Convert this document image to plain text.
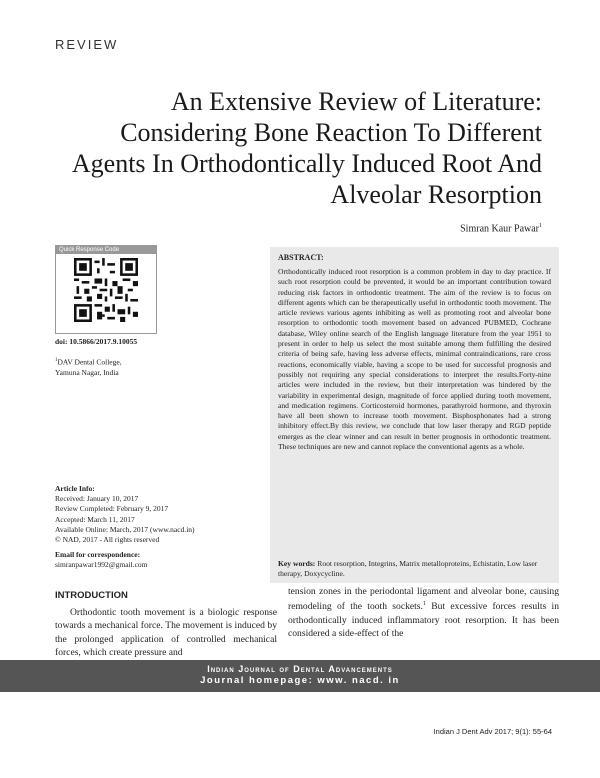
REVIEW
An Extensive Review of Literature: Considering Bone Reaction To Different Agents In Orthodontically Induced Root And Alveolar Resorption
Simran Kaur Pawar$^1$
Quick Response Code
doi: 10.5866/2017.9.10055
$^1$DAV Dental College,
Yamuna Nagar, India
Article Info:
Received: January 10, 2017
Review Completed: February 9, 2017
Accepted: March 11, 2017
Available Online: March, 2017 (www.nacd.in)
© NAD, 2017 - All rights reserved
Email for correspondence:
simranpawar1992@gmail.com
ABSTRACT:

Orthodontically induced root resorption is a common problem in day to day practice. If such root resorption could be prevented, it would be an important contribution toward reducing risk factors in orthodontic treatment. The aim of the review is to focus on different agents which can be therapeutically useful in orthodontic tooth movement. The article reviews various agents inhibiting as well as promoting root and alveolar bone resorption to orthodontic tooth movement based on advanced PUBMED, Cochrane database, Wiley online search of the English language literature from the year 1951 to present in order to help us select the most suitable among them fulfilling the desired criteria of being safe, having less adverse effects, minimal contraindications, rare cross reactions, economically viable, having a scope to be used for successful prognosis and possibly not requiring any special considerations to interpret the results.Forty-nine articles were included in the review, but their interpretation was hindered by the variability in experimental design, magnitude of force applied during tooth movement, and medication regimens. Corticosteroid hormones, parathyroid hormone, and thyroxin have all been shown to increase tooth movement. Bisphosphonates had a strong inhibitory effect.By this review, we conclude that low laser therapy and RGD peptide emerges as the clear winner and can result in better prognosis in orthodontic treatment. These techniques are new and cannot replace the conventional agents as a whole.

Key words: Root resorption, Integrins, Matrix metalloproteins, Echistatin, Low laser therapy, Doxycycline.

INTRODUCTION

Orthodontic tooth movement is a biologic response towards a mechanical force. The movement is induced by the prolonged application of controlled mechanical forces, which create pressure and

tension zones in the periodontal ligament and alveolar bone, causing remodeling of the tooth sockets.$^1$ But excessive forces results in orthodontically induced inflammatory root resorption. It has been considered a side-effect of the

Indian Journal of Dental Advancements
Journal homepage: www. nacd. in
Indian J Dent Adv 2017; 9(1): 55-64
